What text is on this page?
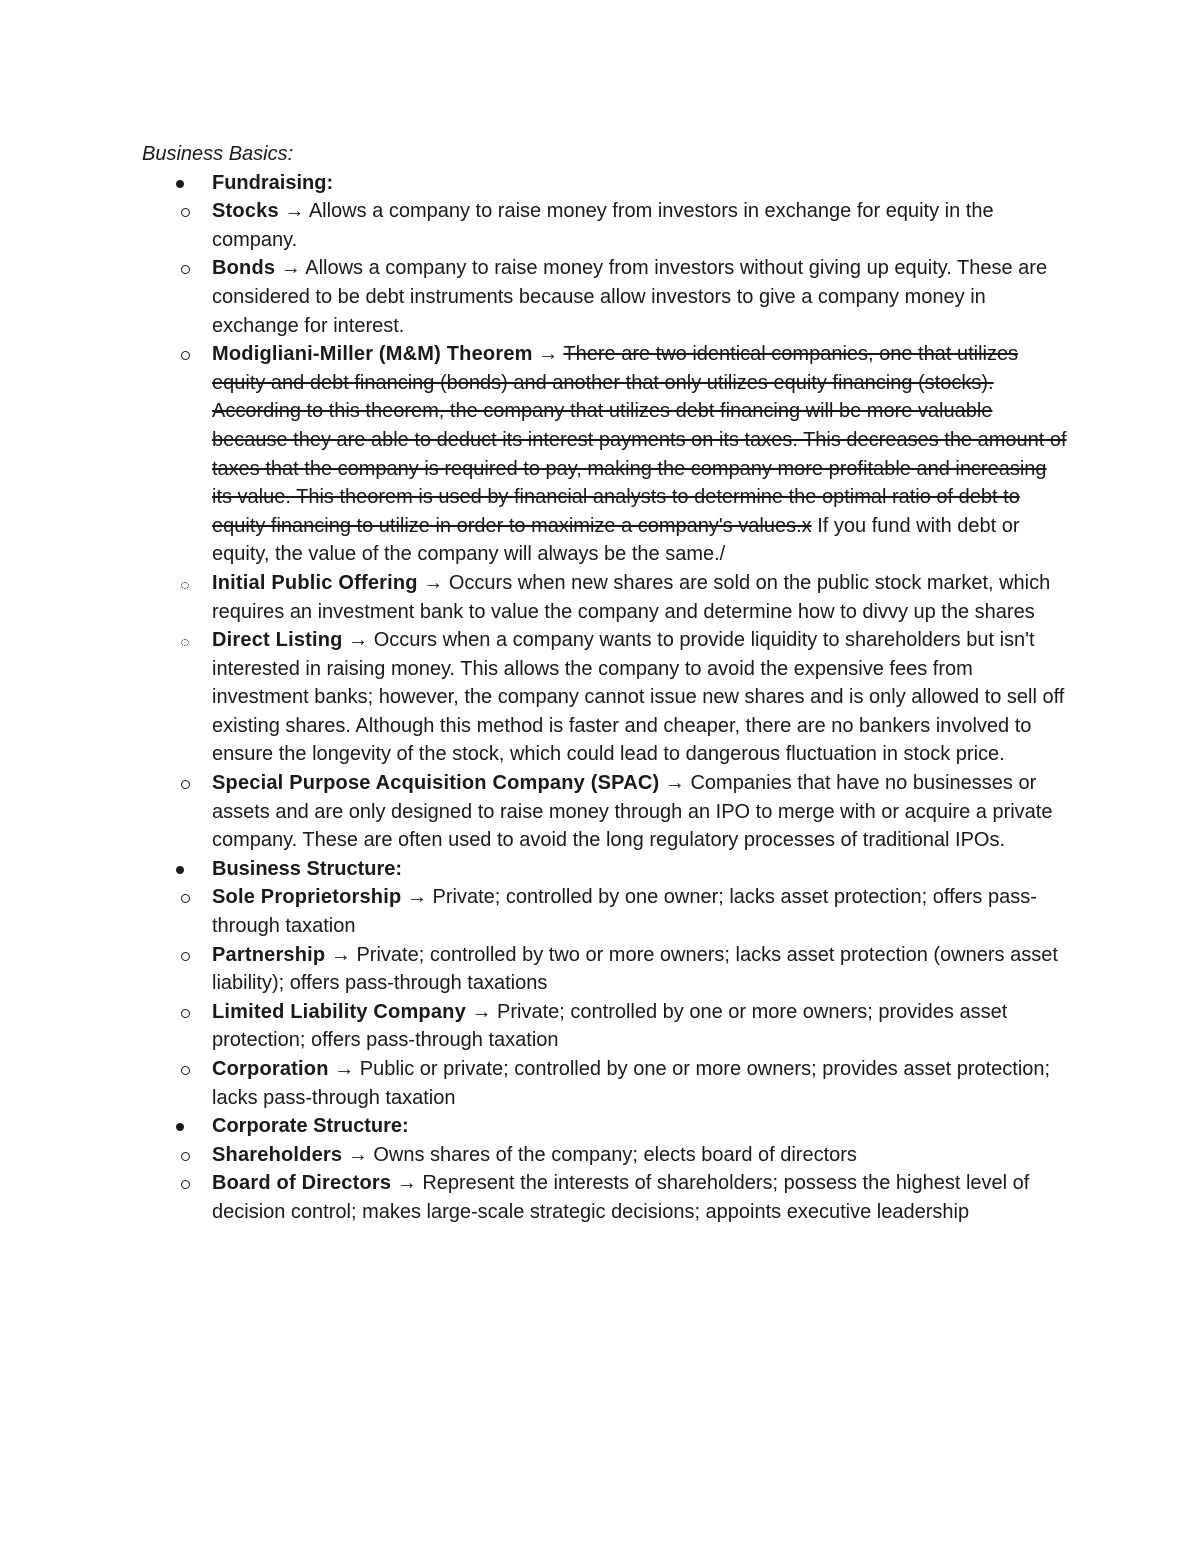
Business Basics:

Fundraising:
Stocks → Allows a company to raise money from investors in exchange for equity in the company.
Bonds → Allows a company to raise money from investors without giving up equity. These are considered to be debt instruments because allow investors to give a company money in exchange for interest.
Modigliani-Miller (M&M) Theorem → There are two identical companies, one that utilizes equity and debt financing (bonds) and another that only utilizes equity financing (stocks). According to this theorem, the company that utilizes debt financing will be more valuable because they are able to deduct its interest payments on its taxes. This decreases the amount of taxes that the company is required to pay, making the company more profitable and increasing its value. This theorem is used by financial analysts to determine the optimal ratio of debt to equity financing to utilize in order to maximize a company's values.x If you fund with debt or equity, the value of the company will always be the same./
Initial Public Offering → Occurs when new shares are sold on the public stock market, which requires an investment bank to value the company and determine how to divvy up the shares
Direct Listing → Occurs when a company wants to provide liquidity to shareholders but isn't interested in raising money. This allows the company to avoid the expensive fees from investment banks; however, the company cannot issue new shares and is only allowed to sell off existing shares. Although this method is faster and cheaper, there are no bankers involved to ensure the longevity of the stock, which could lead to dangerous fluctuation in stock price.
Special Purpose Acquisition Company (SPAC) → Companies that have no businesses or assets and are only designed to raise money through an IPO to merge with or acquire a private company. These are often used to avoid the long regulatory processes of traditional IPOs.
Business Structure:
Sole Proprietorship → Private; controlled by one owner; lacks asset protection; offers pass-through taxation
Partnership → Private; controlled by two or more owners; lacks asset protection (owners asset liability); offers pass-through taxations
Limited Liability Company → Private; controlled by one or more owners; provides asset protection; offers pass-through taxation
Corporation → Public or private; controlled by one or more owners; provides asset protection; lacks pass-through taxation
Corporate Structure:
Shareholders → Owns shares of the company; elects board of directors
Board of Directors → Represent the interests of shareholders; possess the highest level of decision control; makes large-scale strategic decisions; appoints executive leadership
